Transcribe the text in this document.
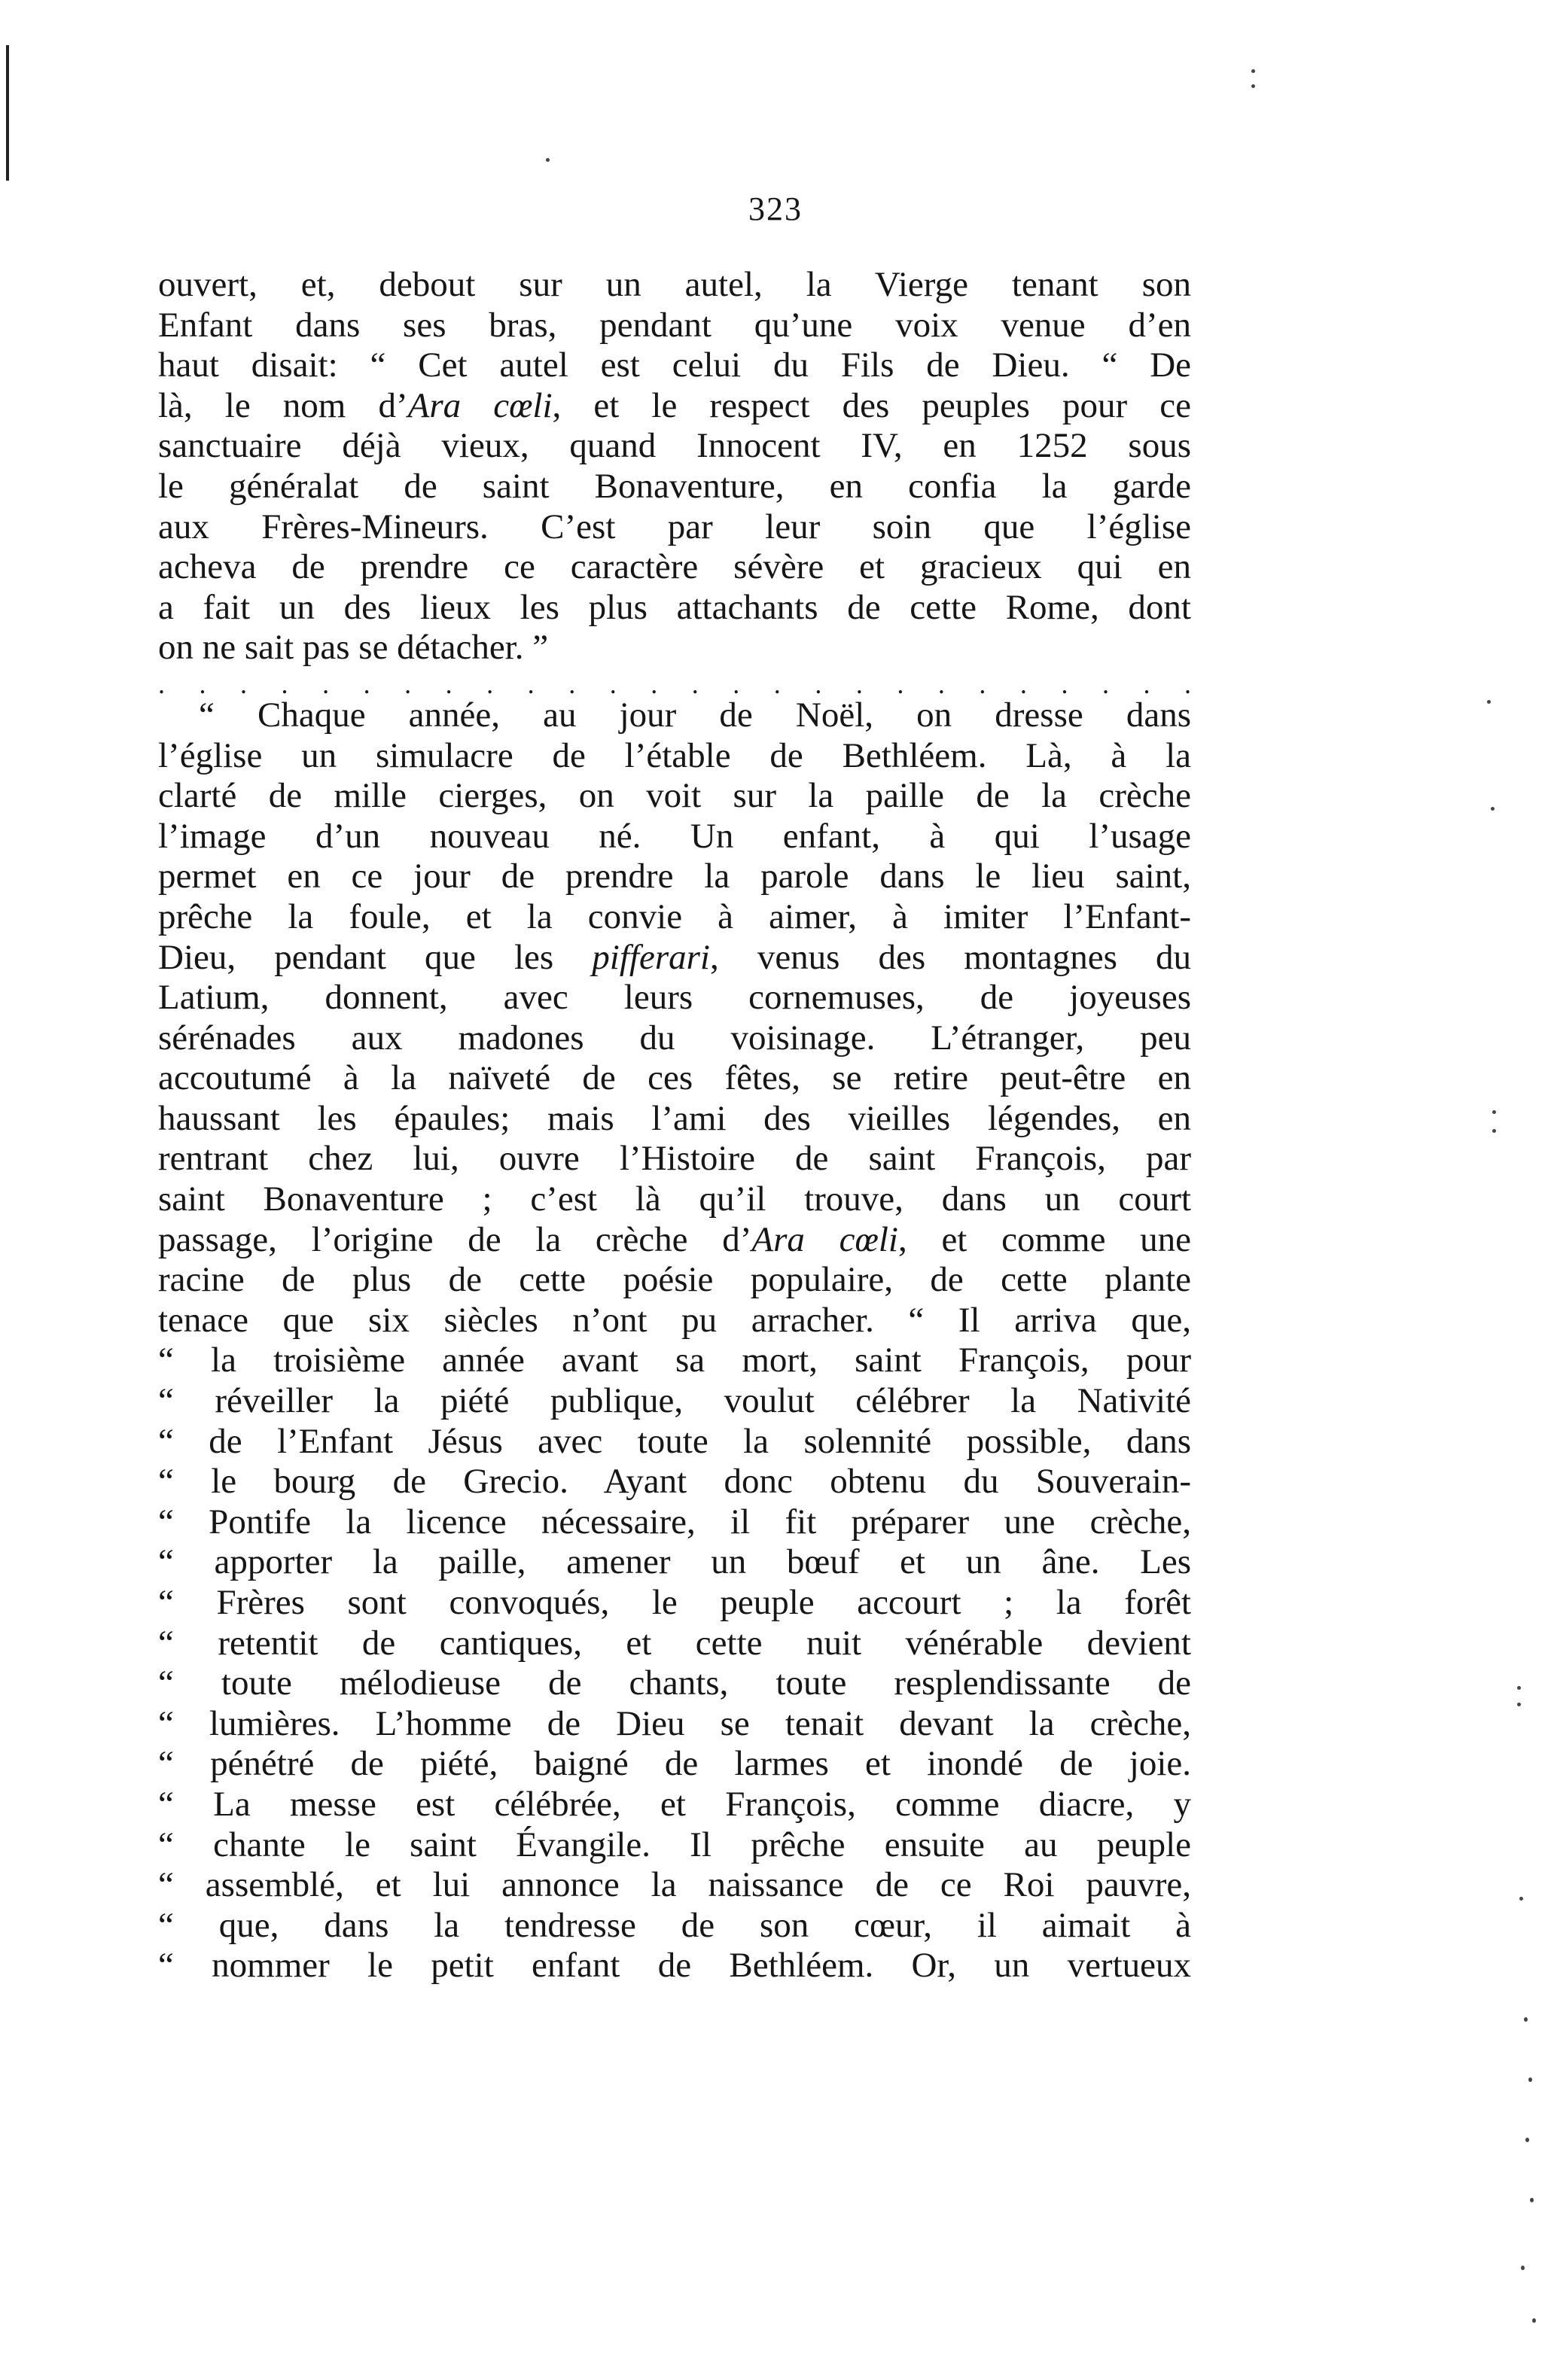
323
ouvert, et, debout sur un autel, la Vierge tenant son
Enfant dans ses bras, pendant qu’une voix venue d’en
haut disait: “ Cet autel est celui du Fils de Dieu. “ De
là, le nom d’Ara cœli, et le respect des peuples pour ce
sanctuaire déjà vieux, quand Innocent IV, en 1252 sous
le généralat de saint Bonaventure, en confia la garde
aux Frères-Mineurs. C’est par leur soin que l’église
acheva de prendre ce caractère sévère et gracieux qui en
a fait un des lieux les plus attachants de cette Rome, dont
on ne sait pas se détacher. ”
. . . . . . . . . . . . . . . . . . . . . . . . . .
“ Chaque année, au jour de Noël, on dresse dans
l’église un simulacre de l’étable de Bethléem. Là, à la
clarté de mille cierges, on voit sur la paille de la crèche
l’image d’un nouveau né. Un enfant, à qui l’usage
permet en ce jour de prendre la parole dans le lieu saint,
prêche la foule, et la convie à aimer, à imiter l’Enfant-
Dieu, pendant que les pifferari, venus des montagnes du
Latium, donnent, avec leurs cornemuses, de joyeuses
sérénades aux madones du voisinage. L’étranger, peu
accoutumé à la naïveté de ces fêtes, se retire peut-être en
haussant les épaules; mais l’ami des vieilles légendes, en
rentrant chez lui, ouvre l’Histoire de saint François, par
saint Bonaventure ; c’est là qu’il trouve, dans un court
passage, l’origine de la crèche d’Ara cœli, et comme une
racine de plus de cette poésie populaire, de cette plante
tenace que six siècles n’ont pu arracher. “ Il arriva que,
“ la troisième année avant sa mort, saint François, pour
“ réveiller la piété publique, voulut célébrer la Nativité
“ de l’Enfant Jésus avec toute la solennité possible, dans
“ le bourg de Grecio. Ayant donc obtenu du Souverain-
“ Pontife la licence nécessaire, il fit préparer une crèche,
“ apporter la paille, amener un bœuf et un âne. Les
“ Frères sont convoqués, le peuple accourt ; la forêt
“ retentit de cantiques, et cette nuit vénérable devient
“ toute mélodieuse de chants, toute resplendissante de
“ lumières. L’homme de Dieu se tenait devant la crèche,
“ pénétré de piété, baigné de larmes et inondé de joie.
“ La messe est célébrée, et François, comme diacre, y
“ chante le saint Évangile. Il prêche ensuite au peuple
“ assemblé, et lui annonce la naissance de ce Roi pauvre,
“ que, dans la tendresse de son cœur, il aimait à
“ nommer le petit enfant de Bethléem. Or, un vertueux
